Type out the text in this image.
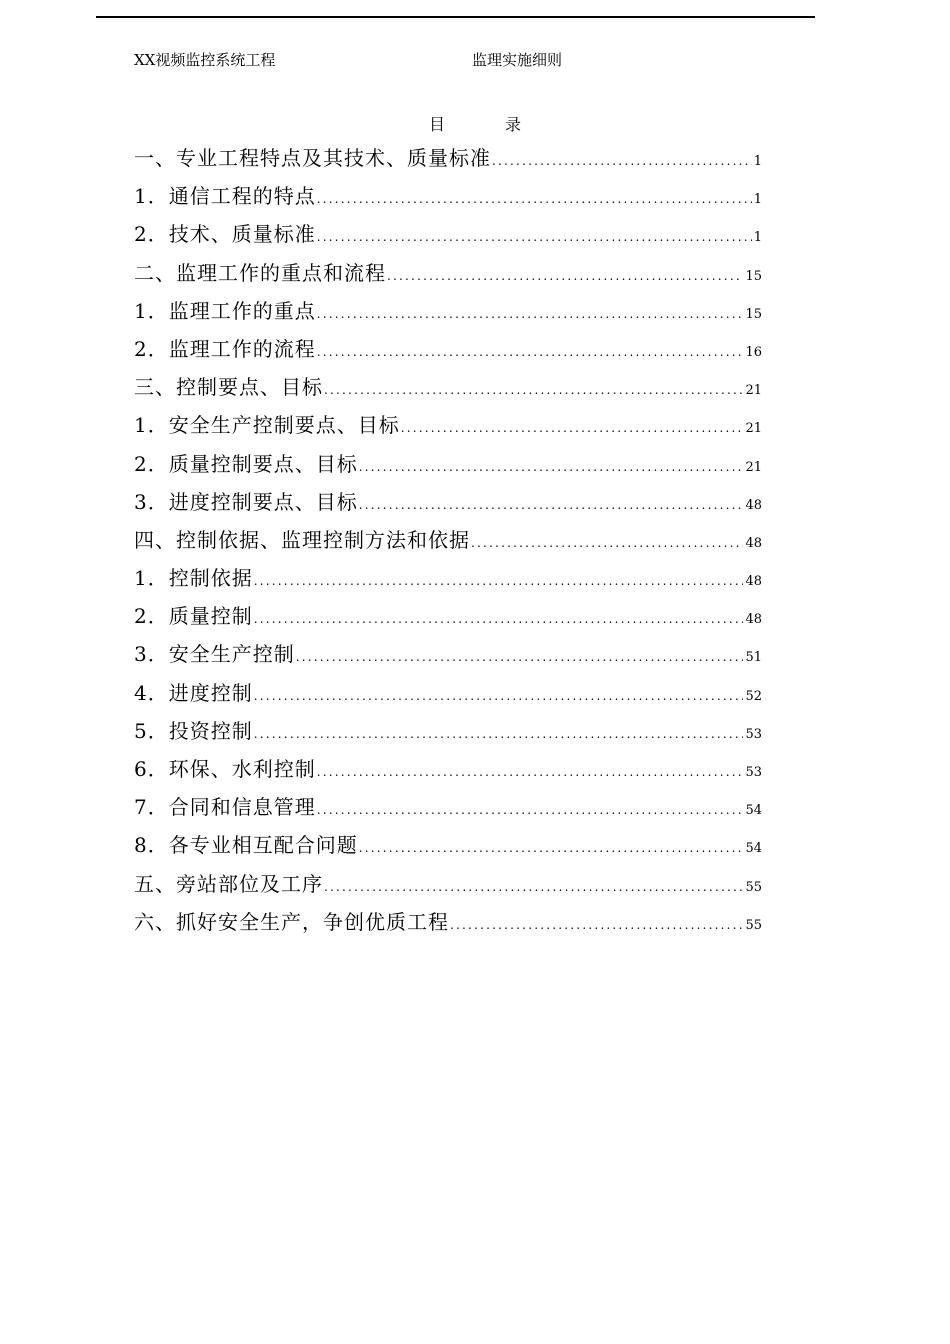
XX视频监控系统工程	监理实施细则
目	录
一、专业工程特点及其技术、质量标准 .....	1
1．通信工程的特点 .....	1
2．技术、质量标准 .....	1
二、监理工作的重点和流程 .....	15
1．监理工作的重点 .....	15
2．监理工作的流程 .....	16
三、控制要点、目标 .....	21
1．安全生产控制要点、目标 .....	21
2．质量控制要点、目标 .....	21
3．进度控制要点、目标 .....	48
四、控制依据、监理控制方法和依据 .....	48
1．控制依据 .....	48
2．质量控制 .....	48
3．安全生产控制 .....	51
4．进度控制 .....	52
5．投资控制 .....	53
6．环保、水利控制 .....	53
7．合同和信息管理 .....	54
8．各专业相互配合问题 .....	54
五、旁站部位及工序 .....	55
六、抓好安全生产，争创优质工程 .....	55
